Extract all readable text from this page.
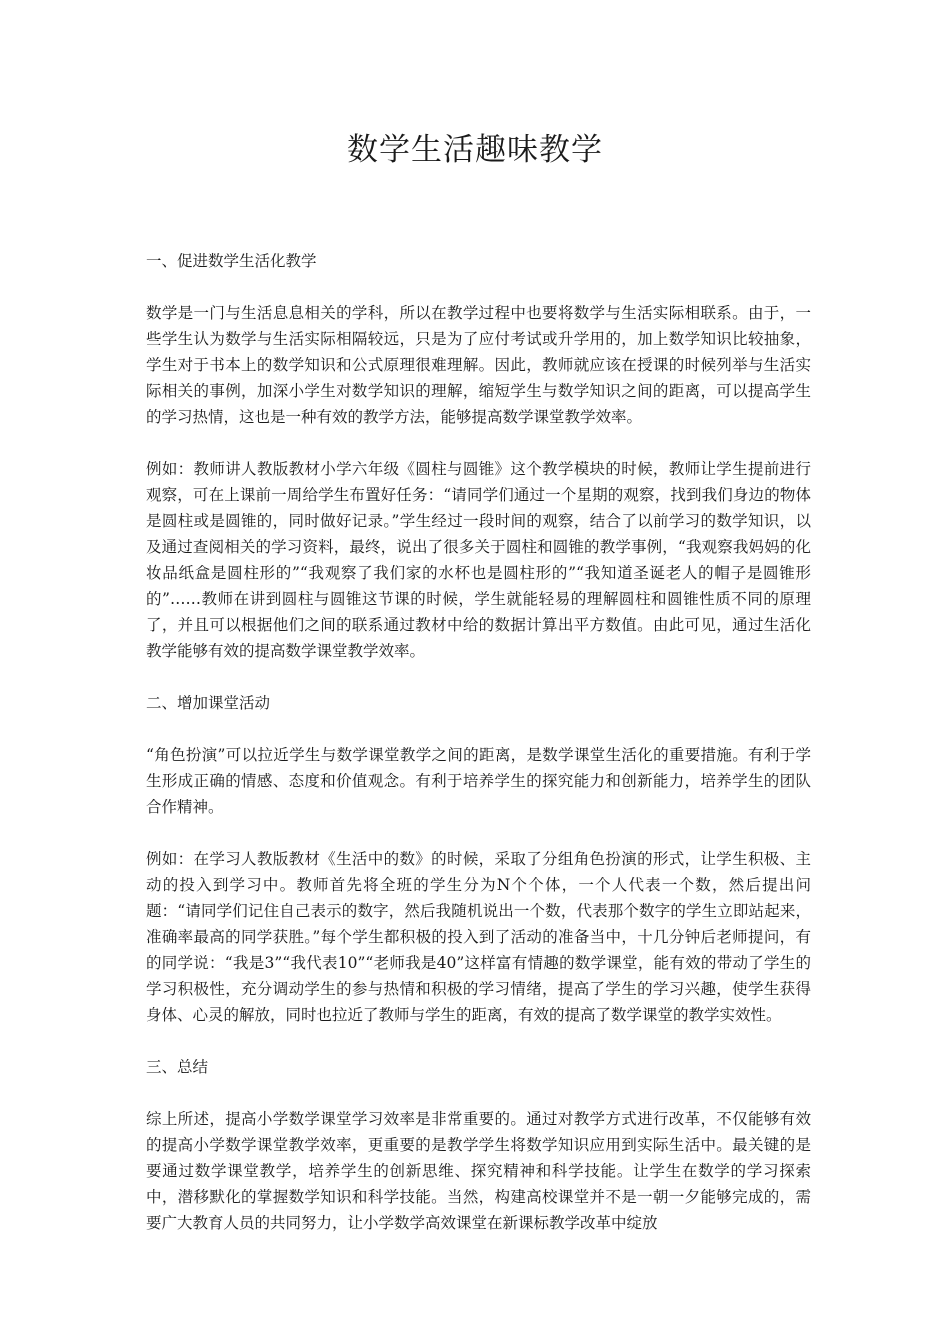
数学生活趣味教学

一、促进数学生活化教学

数学是一门与生活息息相关的学科，所以在教学过程中也要将数学与生活实际相联系。由于，一些学生认为数学与生活实际相隔较远，只是为了应付考试或升学用的，加上数学知识比较抽象，学生对于书本上的数学知识和公式原理很难理解。因此，教师就应该在授课的时候列举与生活实际相关的事例，加深小学生对数学知识的理解，缩短学生与数学知识之间的距离，可以提高学生的学习热情，这也是一种有效的教学方法，能够提高数学课堂教学效率。

例如：教师讲人教版教材小学六年级《圆柱与圆锥》这个教学模块的时候，教师让学生提前进行观察，可在上课前一周给学生布置好任务：“请同学们通过一个星期的观察，找到我们身边的物体是圆柱或是圆锥的，同时做好记录。”学生经过一段时间的观察，结合了以前学习的数学知识，以及通过查阅相关的学习资料，最终，说出了很多关于圆柱和圆锥的教学事例，“我观察我妈妈的化妆品纸盒是圆柱形的”“我观察了我们家的水杯也是圆柱形的”“我知道圣诞老人的帽子是圆锥形的”……教师在讲到圆柱与圆锥这节课的时候，学生就能轻易的理解圆柱和圆锥性质不同的原理了，并且可以根据他们之间的联系通过教材中给的数据计算出平方数值。由此可见，通过生活化教学能够有效的提高数学课堂教学效率。

二、增加课堂活动

“角色扮演”可以拉近学生与数学课堂教学之间的距离，是数学课堂生活化的重要措施。有利于学生形成正确的情感、态度和价值观念。有利于培养学生的探究能力和创新能力，培养学生的团队合作精神。

例如：在学习人教版教材《生活中的数》的时候，采取了分组角色扮演的形式，让学生积极、主动的投入到学习中。教师首先将全班的学生分为N个个体，一个人代表一个数，然后提出问题：“请同学们记住自己表示的数字，然后我随机说出一个数，代表那个数字的学生立即站起来，准确率最高的同学获胜。”每个学生都积极的投入到了活动的准备当中，十几分钟后老师提问，有的同学说：“我是3”“我代表10”“老师我是40”这样富有情趣的数学课堂，能有效的带动了学生的学习积极性，充分调动学生的参与热情和积极的学习情绪，提高了学生的学习兴趣，使学生获得身体、心灵的解放，同时也拉近了教师与学生的距离，有效的提高了数学课堂的教学实效性。

三、总结

综上所述，提高小学数学课堂学习效率是非常重要的。通过对教学方式进行改革，不仅能够有效的提高小学数学课堂教学效率，更重要的是教学学生将数学知识应用到实际生活中。最关键的是要通过数学课堂教学，培养学生的创新思维、探究精神和科学技能。让学生在数学的学习探索中，潜移默化的掌握数学知识和科学技能。当然，构建高校课堂并不是一朝一夕能够完成的，需要广大教育人员的共同努力，让小学数学高效课堂在新课标教学改革中绽放
